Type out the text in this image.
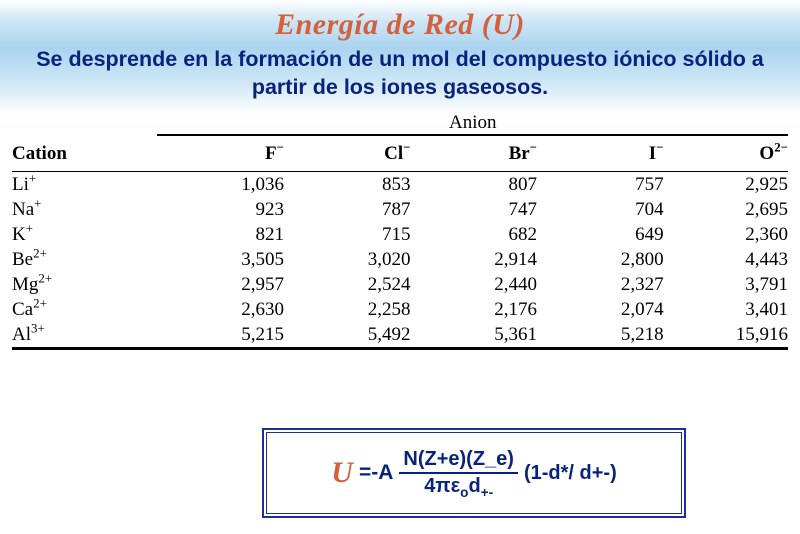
Energía de Red (U)
Se desprende en la formación de un mol del compuesto iónico sólido a partir de los iones gaseosos.
	Anion				

Cation	F−	Cl−	Br−	I−	$O^{2-}$

Li+	1,036	853	807	757	2,925
Na+	923	787	747	704	2,695
K+	821	715	682	649	2,360
$Be^{2+}$	3,505	3,020	2,914	2,800	4,443
$Mg^{2+}$	2,957	2,524	2,440	2,327	3,791
$Ca^{2+}$	2,630	2,258	2,176	2,074	3,401
$Al^{3+}$	5,215	5,492	5,361	5,218	15,916

$U =-A \frac{N(Z+e)(Z\_e)}{4\pi\varepsilon_od_{+-}} (1-d*/$ d+-)
